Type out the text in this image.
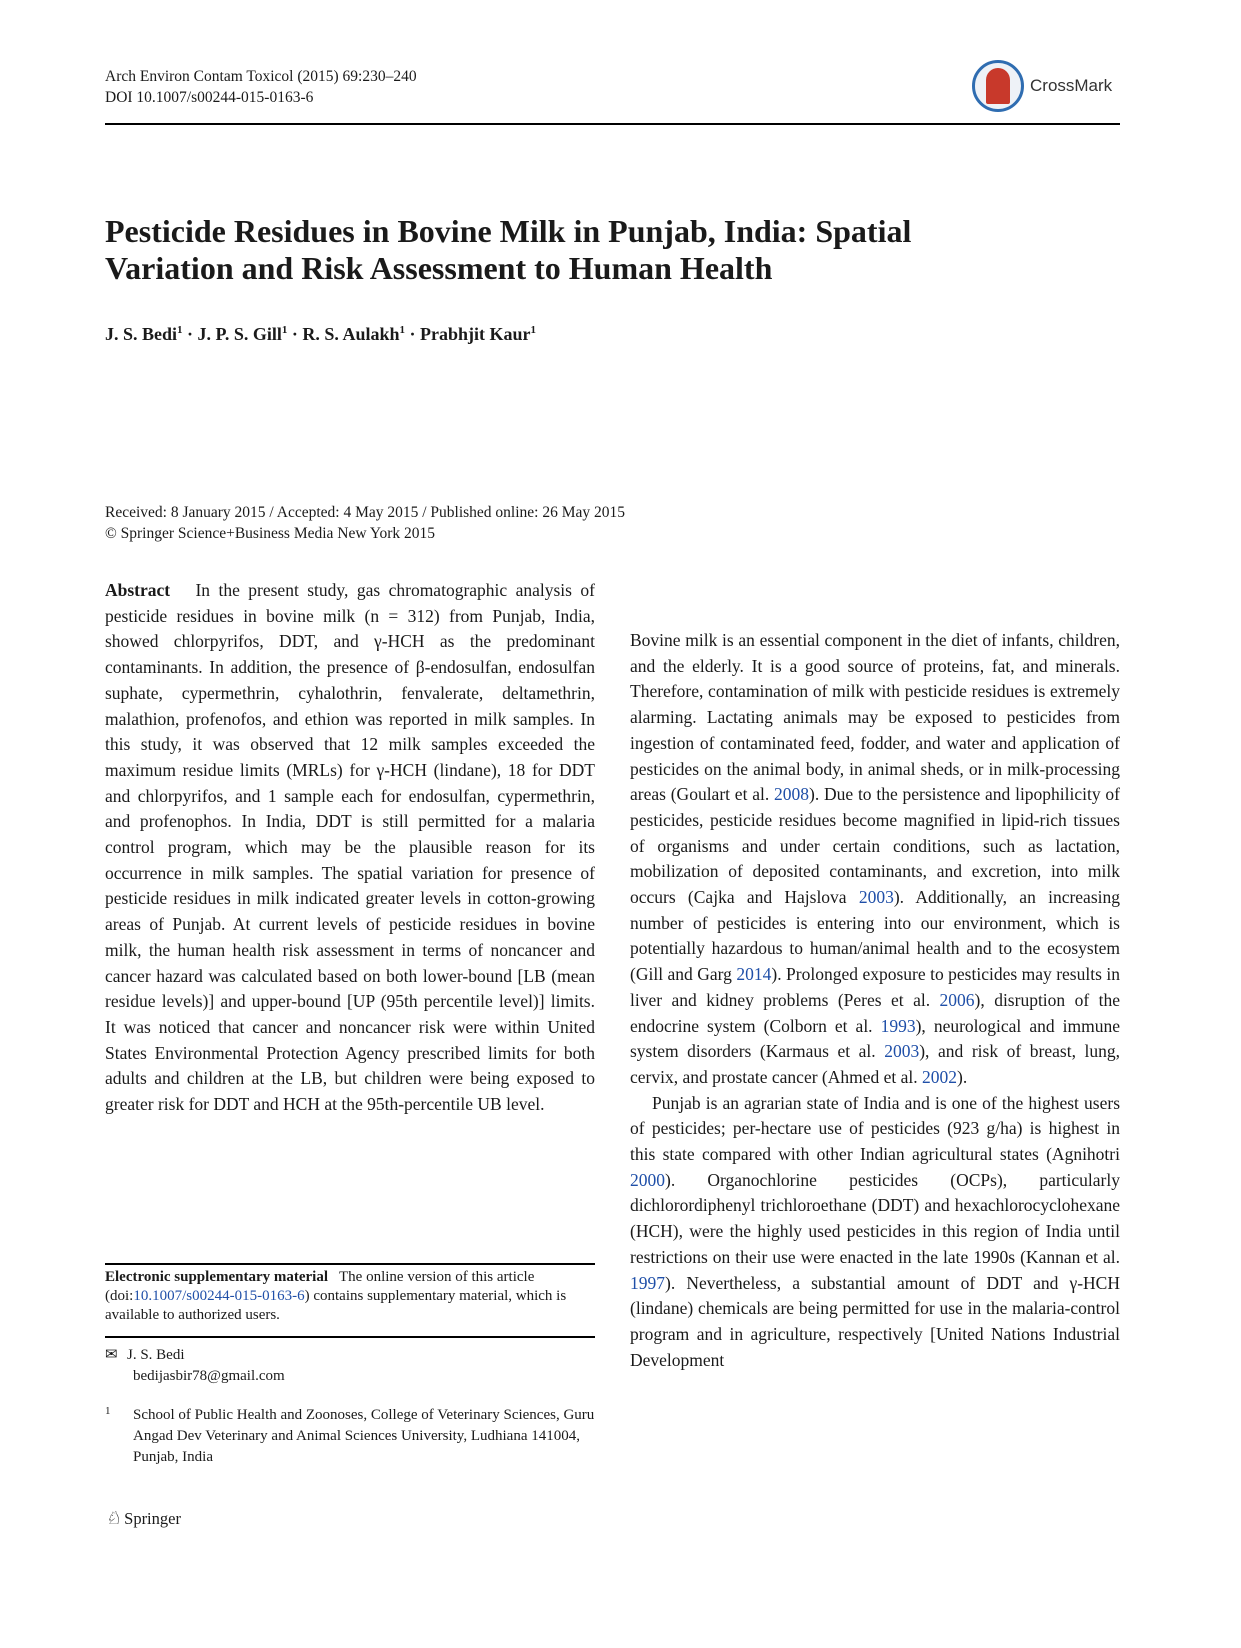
Arch Environ Contam Toxicol (2015) 69:230–240
DOI 10.1007/s00244-015-0163-6
CrossMark
Pesticide Residues in Bovine Milk in Punjab, India: Spatial
Variation and Risk Assessment to Human Health
J. S. Bedi$^1$ · J. P. S. Gill$^1$ · R. S. Aulakh$^1$ · Prabhjit Kaur$^1$
Received: 8 January 2015 / Accepted: 4 May 2015 / Published online: 26 May 2015
© Springer Science+Business Media New York 2015

Abstract In the present study, gas chromatographic analysis of pesticide residues in bovine milk (n = 312) from Punjab, India, showed chlorpyrifos, DDT, and γ-HCH as the predominant contaminants. In addition, the presence of β-endosulfan, endosulfan suphate, cypermethrin, cyhalothrin, fenvalerate, deltamethrin, malathion, profenofos, and ethion was reported in milk samples. In this study, it was observed that 12 milk samples exceeded the maximum residue limits (MRLs) for γ-HCH (lindane), 18 for DDT and chlorpyrifos, and 1 sample each for endosulfan, cypermethrin, and profenophos. In India, DDT is still permitted for a malaria control program, which may be the plausible reason for its occurrence in milk samples. The spatial variation for presence of pesticide residues in milk indicated greater levels in cotton-growing areas of Punjab. At current levels of pesticide residues in bovine milk, the human health risk assessment in terms of noncancer and cancer hazard was calculated based on both lower-bound [LB (mean residue levels)] and upper-bound [UP (95th percentile level)] limits. It was noticed that cancer and noncancer risk were within United States Environmental Protection Agency prescribed limits for both adults and children at the LB, but children were being exposed to greater risk for DDT and HCH at the 95th-percentile UB level.

Electronic supplementary material The online version of this article (doi:10.1007/s00244-015-0163-6) contains supplementary material, which is available to authorized users.
✉ J. S. Bedi
bedijasbir78@gmail.com
1 School of Public Health and Zoonoses, College of Veterinary Sciences, Guru Angad Dev Veterinary and Animal Sciences University, Ludhiana 141004, Punjab, India

Bovine milk is an essential component in the diet of infants, children, and the elderly. It is a good source of proteins, fat, and minerals. Therefore, contamination of milk with pesticide residues is extremely alarming. Lactating animals may be exposed to pesticides from ingestion of contaminated feed, fodder, and water and application of pesticides on the animal body, in animal sheds, or in milk-processing areas (Goulart et al. 2008). Due to the persistence and lipophilicity of pesticides, pesticide residues become magnified in lipid-rich tissues of organisms and under certain conditions, such as lactation, mobilization of deposited contaminants, and excretion, into milk occurs (Cajka and Hajslova 2003). Additionally, an increasing number of pesticides is entering into our environment, which is potentially hazardous to human/animal health and to the ecosystem (Gill and Garg 2014). Prolonged exposure to pesticides may results in liver and kidney problems (Peres et al. 2006), disruption of the endocrine system (Colborn et al. 1993), neurological and immune system disorders (Karmaus et al. 2003), and risk of breast, lung, cervix, and prostate cancer (Ahmed et al. 2002).

Punjab is an agrarian state of India and is one of the highest users of pesticides; per-hectare use of pesticides (923 g/ha) is highest in this state compared with other Indian agricultural states (Agnihotri 2000). Organochlorine pesticides (OCPs), particularly dichlorordiphenyl trichloroethane (DDT) and hexachlorocyclohexane (HCH), were the highly used pesticides in this region of India until restrictions on their use were enacted in the late 1990s (Kannan et al. 1997). Nevertheless, a substantial amount of DDT and γ-HCH (lindane) chemicals are being permitted for use in the malaria-control program and in agriculture, respectively [United Nations Industrial Development

♘ Springer
